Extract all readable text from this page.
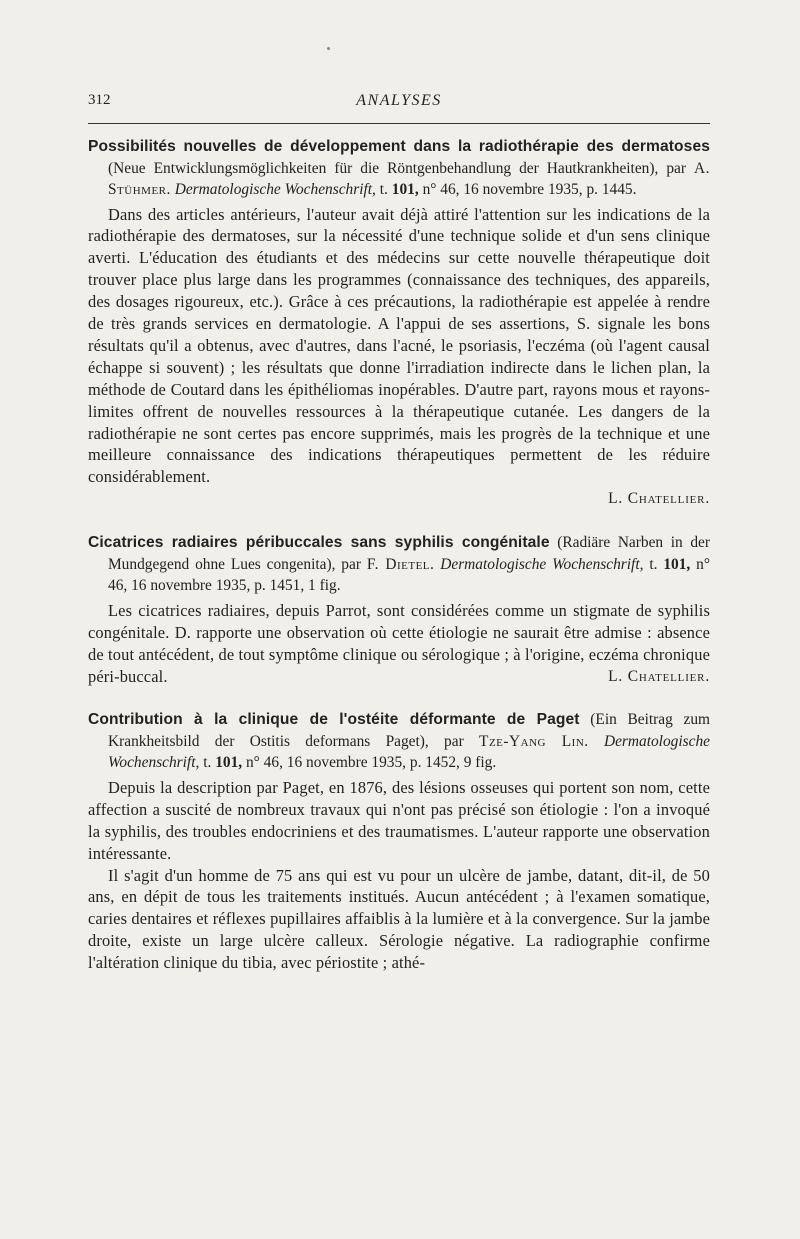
312	ANALYSES

Possibilités nouvelles de développement dans la radiothérapie des dermatoses (Neue Entwicklungsmöglichkeiten für die Röntgenbehandlung der Hautkrankheiten), par A. Stühmer. Dermatologische Wochenschrift, t. 101, n° 46, 16 novembre 1935, p. 1445.

Dans des articles antérieurs, l'auteur avait déjà attiré l'attention sur les indications de la radiothérapie des dermatoses, sur la nécessité d'une technique solide et d'un sens clinique averti. L'éducation des étudiants et des médecins sur cette nouvelle thérapeutique doit trouver place plus large dans les programmes (connaissance des techniques, des appareils, des dosages rigoureux, etc.). Grâce à ces précautions, la radiothérapie est appelée à rendre de très grands services en dermatologie. A l'appui de ses assertions, S. signale les bons résultats qu'il a obtenus, avec d'autres, dans l'acné, le psoriasis, l'eczéma (où l'agent causal échappe si souvent) ; les résultats que donne l'irradiation indirecte dans le lichen plan, la méthode de Coutard dans les épithéliomas inopérables. D'autre part, rayons mous et rayons-limites offrent de nouvelles ressources à la thérapeutique cutanée. Les dangers de la radiothérapie ne sont certes pas encore supprimés, mais les progrès de la technique et une meilleure connaissance des indications thérapeutiques permettent de les réduire considérablement.

L. Chatellier.

Cicatrices radiaires péribuccales sans syphilis congénitale (Radiäre Narben in der Mundgegend ohne Lues congenita), par F. Dietel. Dermatologische Wochenschrift, t. 101, n° 46, 16 novembre 1935, p. 1451, 1 fig.

Les cicatrices radiaires, depuis Parrot, sont considérées comme un stigmate de syphilis congénitale. D. rapporte une observation où cette étiologie ne saurait être admise : absence de tout antécédent, de tout symptôme clinique ou sérologique ; à l'origine, eczéma chronique péri-buccal.	L. Chatellier.

Contribution à la clinique de l'ostéite déformante de Paget (Ein Beitrag zum Krankheitsbild der Ostitis deformans Paget), par Tze-Yang Lin. Dermatologische Wochenschrift, t. 101, n° 46, 16 novembre 1935, p. 1452, 9 fig.

Depuis la description par Paget, en 1876, des lésions osseuses qui portent son nom, cette affection a suscité de nombreux travaux qui n'ont pas précisé son étiologie : l'on a invoqué la syphilis, des troubles endocriniens et des traumatismes. L'auteur rapporte une observation intéressante.

Il s'agit d'un homme de 75 ans qui est vu pour un ulcère de jambe, datant, dit-il, de 50 ans, en dépit de tous les traitements institués. Aucun antécédent ; à l'examen somatique, caries dentaires et réflexes pupillaires affaiblis à la lumière et à la convergence. Sur la jambe droite, existe un large ulcère calleux. Sérologie négative. La radiographie confirme l'altération clinique du tibia, avec périostite ; athé-
